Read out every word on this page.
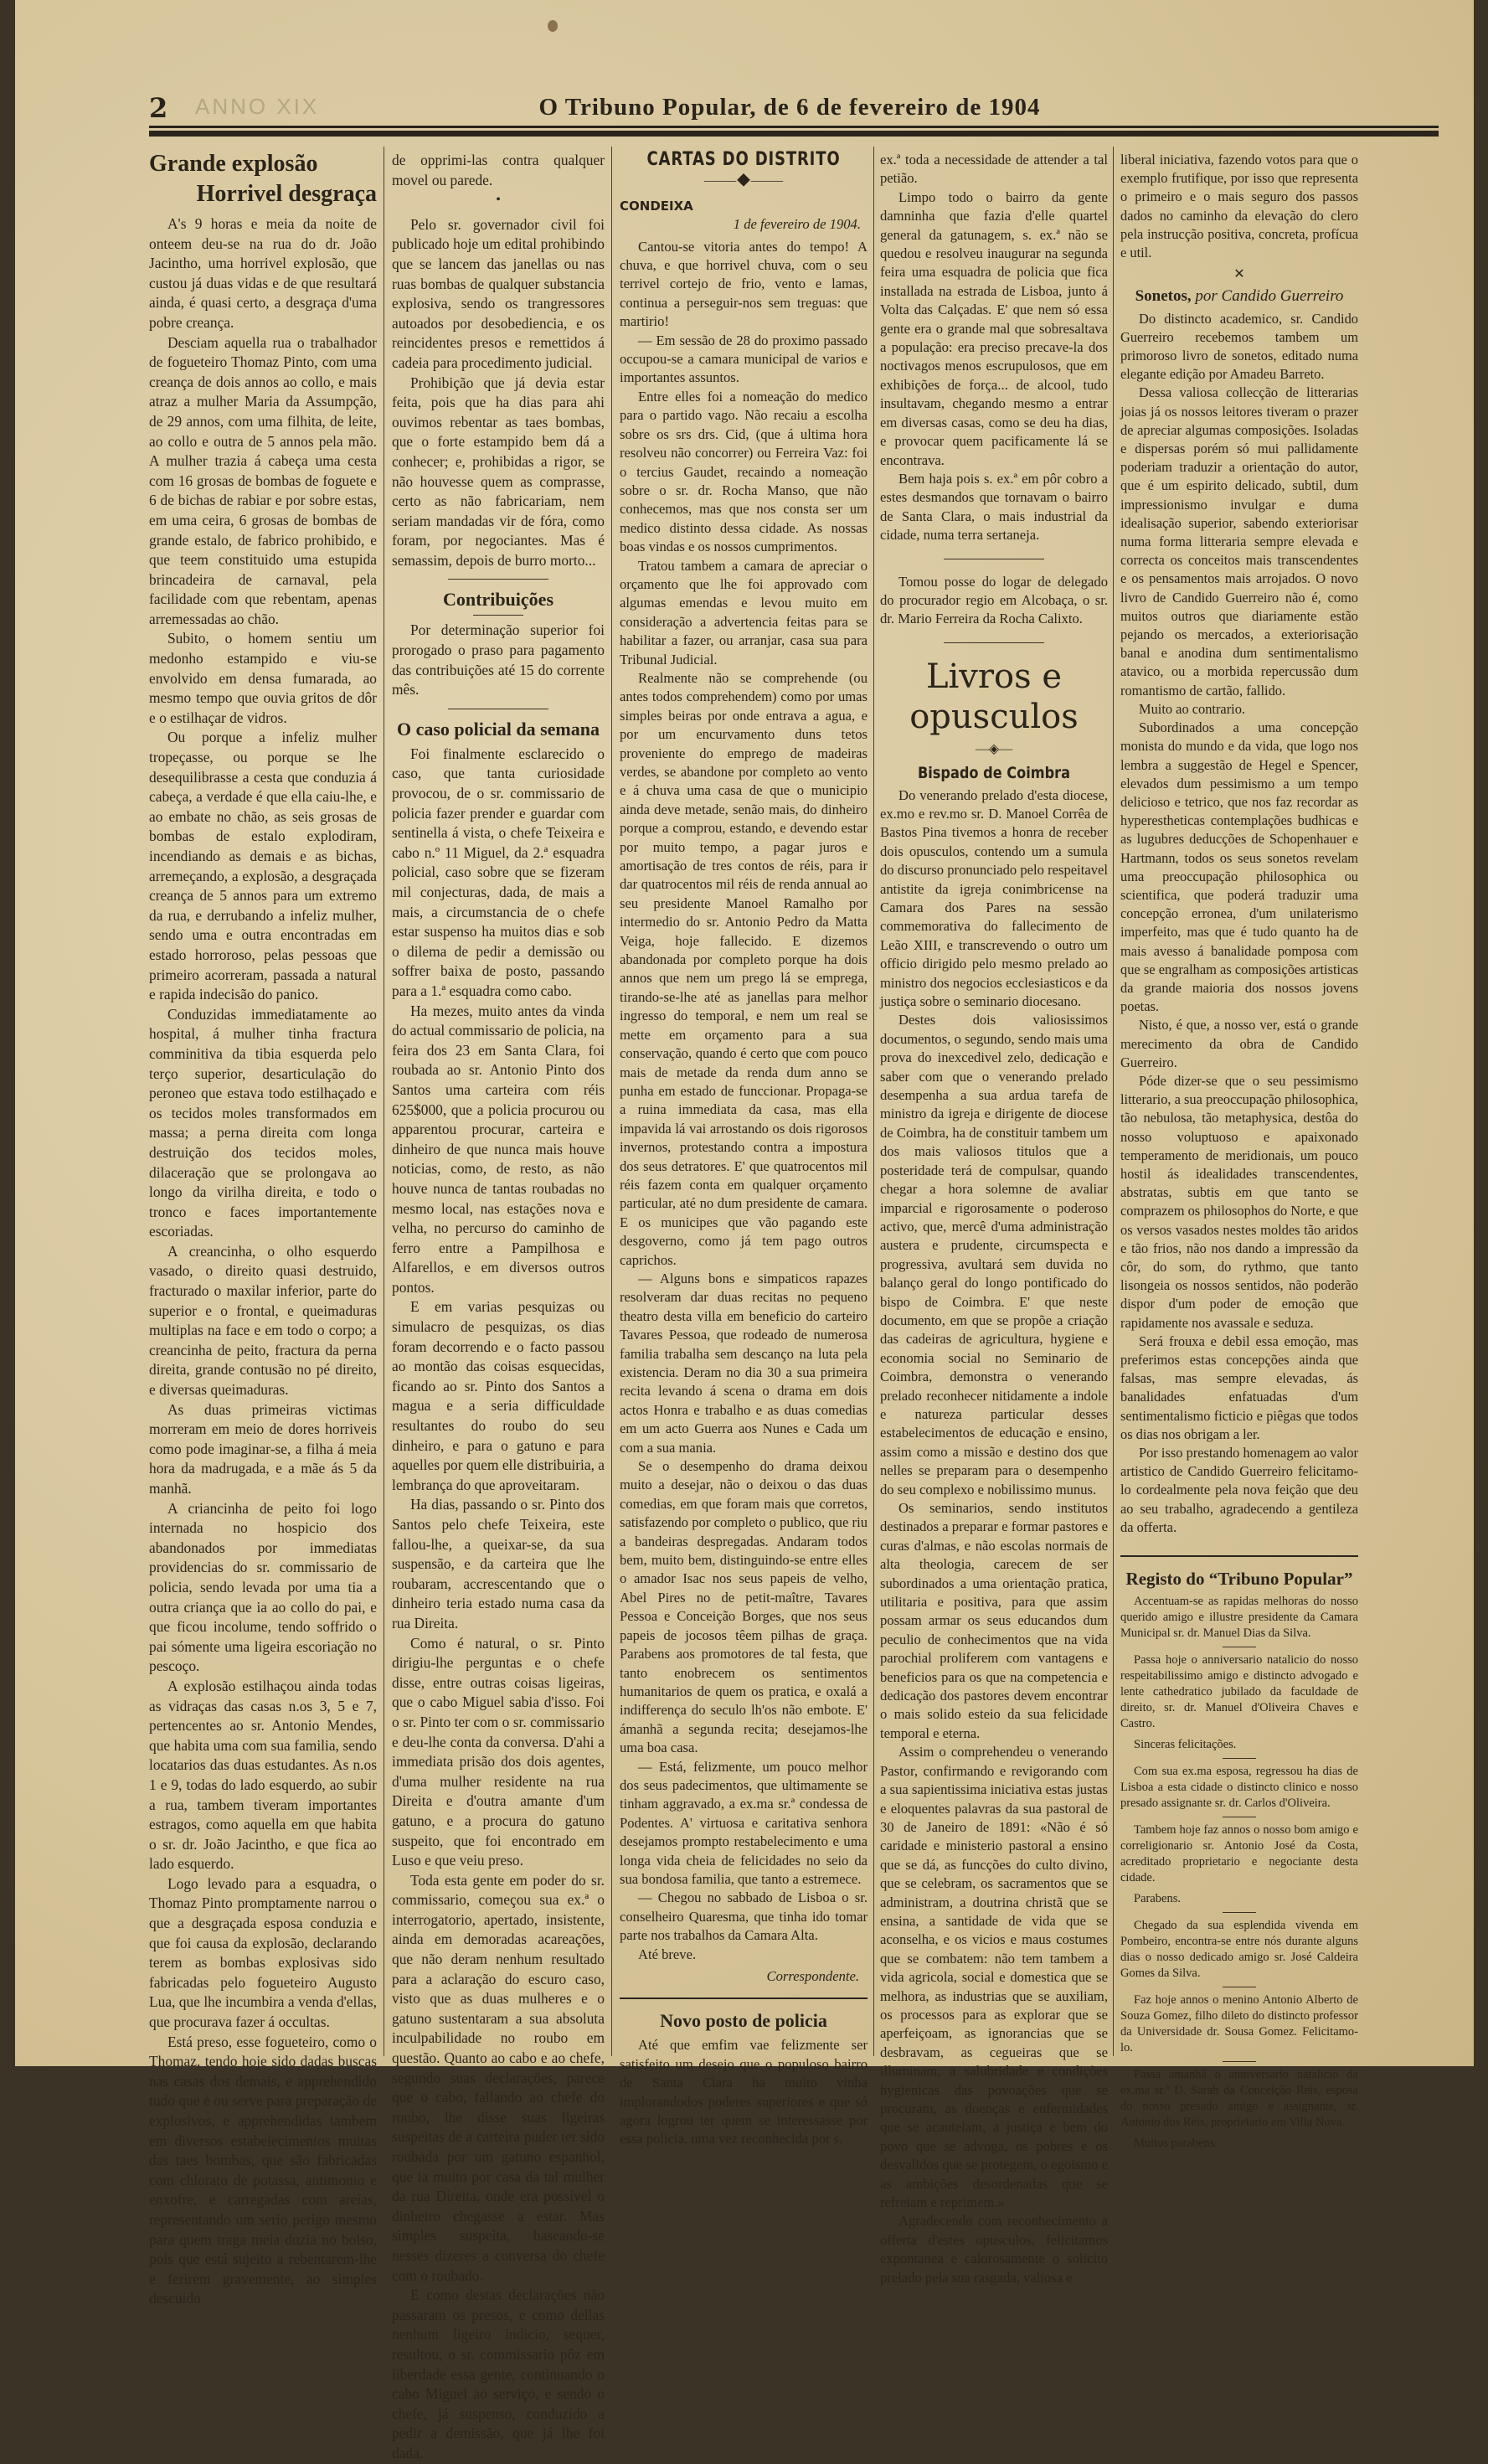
2 ANNO XIX	O Tribuno Popular, de 6 de fevereiro de 1904
Grande explosão
Horrivel desgraça

A's 9 horas e meia da noite de onteem deu-se na rua do dr. João Jacintho, uma horrivel explosão, que custou já duas vidas e de que resultará ainda, é quasi certo, a desgraça d'uma pobre creança.

Desciam aquella rua o trabalhador de fogueteiro Thomaz Pinto, com uma creança de dois annos ao collo, e mais atraz a mulher Maria da Assumpção, de 29 annos, com uma filhita, de leite, ao collo e outra de 5 annos pela mão. A mulher trazia á cabeça uma cesta com 16 grosas de bombas de foguete e 6 de bichas de rabiar e por sobre estas, em uma ceira, 6 grosas de bombas de grande estalo, de fabrico prohibido, e que teem constituido uma estupida brincadeira de carnaval, pela facilidade com que rebentam, apenas arremessadas ao chão.

Subito, o homem sentiu um medonho estampido e viu-se envolvido em densa fumarada, ao mesmo tempo que ouvia gritos de dôr e o estilhaçar de vidros.

Ou porque a infeliz mulher tropeçasse, ou porque se lhe desequilibrasse a cesta que conduzia á cabeça, a verdade é que ella caiu-lhe, e ao embate no chão, as seis grosas de bombas de estalo explodiram, incendiando as demais e as bichas, arremeçando, a explosão, a desgraçada creança de 5 annos para um extremo da rua, e derrubando a infeliz mulher, sendo uma e outra encontradas em estado horroroso, pelas pessoas que primeiro acorreram, passada a natural e rapida indecisão do panico.

Conduzidas immediatamente ao hospital, á mulher tinha fractura comminitiva da tibia esquerda pelo terço superior, desarticulação do peroneo que estava todo estilhaçado e os tecidos moles transformados em massa; a perna direita com longa destruição dos tecidos moles, dilaceração que se prolongava ao longo da virilha direita, e todo o tronco e faces importantemente escoriadas.

A creancinha, o olho esquerdo vasado, o direito quasi destruido, fracturado o maxilar inferior, parte do superior e o frontal, e queimaduras multiplas na face e em todo o corpo; a creancinha de peito, fractura da perna direita, grande contusão no pé direito, e diversas queimaduras.

As duas primeiras victimas morreram em meio de dores horriveis como pode imaginar-se, a filha á meia hora da madrugada, e a mãe ás 5 da manhã.

A criancinha de peito foi logo internada no hospicio dos abandonados por immediatas providencias do sr. commissario de policia, sendo levada por uma tia a outra criança que ia ao collo do pai, e que ficou incolume, tendo soffrido o pai sómente uma ligeira escoriação no pescoço.

A explosão estilhaçou ainda todas as vidraças das casas n.os 3, 5 e 7, pertencentes ao sr. Antonio Mendes, que habita uma com sua familia, sendo locatarios das duas estudantes. As n.os 1 e 9, todas do lado esquerdo, ao subir a rua, tambem tiveram importantes estragos, como aquella em que habita o sr. dr. João Jacintho, e que fica ao lado esquerdo.

Logo levado para a esquadra, o Thomaz Pinto promptamente narrou o que a desgraçada esposa conduzia e que foi causa da explosão, declarando terem as bombas explosivas sido fabricadas pelo fogueteiro Augusto Lua, que lhe incumbira a venda d'ellas, que procurava fazer á occultas.

Está preso, esse fogueteiro, como o Thomaz, tendo hoje sido dadas buscas nas casas dos demais, e apprehendido tudo que é ou serve para preparação de explosivos, e apprehendidas tambem em diversos estabelecimentos muitas das taes bombas, que são fabricadas com chlorato de potassa, antimonio e enxofre, e carregadas com areias, representando um serio perigo mesmo para quem traga meia duzia no bolso, pois que está sujeito a rebentarem-lhe e ferirem gravemente, ao simples descuido

de opprimi-las contra qualquer movel ou parede.

•

Pelo sr. governador civil foi publicado hoje um edital prohibindo que se lancem das janellas ou nas ruas bombas de qualquer substancia explosiva, sendo os trangressores autoados por desobediencia, e os reincidentes presos e remettidos á cadeia para procedimento judicial.

Prohibição que já devia estar feita, pois que ha dias para ahi ouvimos rebentar as taes bombas, que o forte estampido bem dá a conhecer; e, prohibidas a rigor, se não houvesse quem as comprasse, certo as não fabricariam, nem seriam mandadas vir de fóra, como foram, por negociantes. Mas é semassim, depois de burro morto...

Contribuições

Por determinação superior foi prorogado o praso para pagamento das contribuições até 15 do corrente mês.

O caso policial da semana

Foi finalmente esclarecido o caso, que tanta curiosidade provocou, de o sr. commissario de policia fazer prender e guardar com sentinella á vista, o chefe Teixeira e cabo n.º 11 Miguel, da 2.ª esquadra policial, caso sobre que se fizeram mil conjecturas, dada, de mais a mais, a circumstancia de o chefe estar suspenso ha muitos dias e sob o dilema de pedir a demissão ou soffrer baixa de posto, passando para a 1.ª esquadra como cabo.

Ha mezes, muito antes da vinda do actual commissario de policia, na feira dos 23 em Santa Clara, foi roubada ao sr. Antonio Pinto dos Santos uma carteira com réis 625$000, que a policia procurou ou apparentou procurar, carteira e dinheiro de que nunca mais houve noticias, como, de resto, as não houve nunca de tantas roubadas no mesmo local, nas estações nova e velha, no percurso do caminho de ferro entre a Pampilhosa e Alfarellos, e em diversos outros pontos.

E em varias pesquizas ou simulacro de pesquizas, os dias foram decorrendo e o facto passou ao montão das coisas esquecidas, ficando ao sr. Pinto dos Santos a magua e a seria difficuldade resultantes do roubo do seu dinheiro, e para o gatuno e para aquelles por quem elle distribuiria, a lembrança do que aproveitaram.

Ha dias, passando o sr. Pinto dos Santos pelo chefe Teixeira, este fallou-lhe, a queixar-se, da sua suspensão, e da carteira que lhe roubaram, accrescentando que o dinheiro teria estado numa casa da rua Direita.

Como é natural, o sr. Pinto dirigiu-lhe perguntas e o chefe disse, entre outras coisas ligeiras, que o cabo Miguel sabia d'isso. Foi o sr. Pinto ter com o sr. commissario e deu-lhe conta da conversa. D'ahi a immediata prisão dos dois agentes, d'uma mulher residente na rua Direita e d'outra amante d'um gatuno, e a procura do gatuno suspeito, que foi encontrado em Luso e que veiu preso.

Toda esta gente em poder do sr. commissario, começou sua ex.ª o interrogatorio, apertado, insistente, ainda em demoradas acareações, que não deram nenhum resultado para a aclaração do escuro caso, visto que as duas mulheres e o gatuno sustentaram a sua absoluta inculpabilidade no roubo em questão. Quanto ao cabo e ao chefe, segundo suas declarações, parece que o cabo, fallando ao chefe do roubo, lhe disse suas ligeiras suspeitas de a carteira puder ter sido roubada por um gatuno espanhol, que ia muito por casa da tal mulher da rua Direita, onde era possivel o dinheiro chegasse a estar. Mas simples suspeita, baseando-se nesses dizeres a conversa do chefe com o roubado.

E como destas declarações não passaram os presos, e como dellas nenhum ligeiro indicio, sequer, resultou, o sr. commissario pôz em liberdade essa gente, continuando o cabo Miguel ao serviço, e sendo o chefe, já suspenso, conduzido a pedir a demissão, que já lhe foi dada.

CARTAS DO DISTRITO
⸻◆⸻
CONDEIXA
1 de fevereiro de 1904.

Cantou-se vitoria antes do tempo! A chuva, e que horrivel chuva, com o seu terrivel cortejo de frio, vento e lamas, continua a perseguir-nos sem treguas: que martirio!

— Em sessão de 28 do proximo passado occupou-se a camara municipal de varios e importantes assuntos.

Entre elles foi a nomeação do medico para o partido vago. Não recaiu a escolha sobre os srs drs. Cid, (que á ultima hora resolveu não concorrer) ou Ferreira Vaz: foi o tercius Gaudet, recaindo a nomeação sobre o sr. dr. Rocha Manso, que não conhecemos, mas que nos consta ser um medico distinto dessa cidade. As nossas boas vindas e os nossos cumprimentos.

Tratou tambem a camara de apreciar o orçamento que lhe foi approvado com algumas emendas e levou muito em consideração a advertencia feitas para se habilitar a fazer, ou arranjar, casa sua para Tribunal Judicial.

Realmente não se comprehende (ou antes todos comprehendem) como por umas simples beiras por onde entrava a agua, e por um encurvamento duns tetos proveniente do emprego de madeiras verdes, se abandone por completo ao vento e á chuva uma casa de que o municipio ainda deve metade, senão mais, do dinheiro porque a comprou, estando, e devendo estar por muito tempo, a pagar juros e amortisação de tres contos de réis, para ir dar quatrocentos mil réis de renda annual ao seu presidente Manoel Ramalho por intermedio do sr. Antonio Pedro da Matta Veiga, hoje fallecido. E dizemos abandonada por completo porque ha dois annos que nem um prego lá se emprega, tirando-se-lhe até as janellas para melhor ingresso do temporal, e nem um real se mette em orçamento para a sua conservação, quando é certo que com pouco mais de metade da renda dum anno se punha em estado de funccionar. Propaga-se a ruina immediata da casa, mas ella impavida lá vai arrostando os dois rigorosos invernos, protestando contra a impostura dos seus detratores. E' que quatrocentos mil réis fazem conta em qualquer orçamento particular, até no dum presidente de camara. E os municipes que vão pagando este desgoverno, como já tem pago outros caprichos.

— Alguns bons e simpaticos rapazes resolveram dar duas recitas no pequeno theatro desta villa em beneficio do carteiro Tavares Pessoa, que rodeado de numerosa familia trabalha sem descanço na luta pela existencia. Deram no dia 30 a sua primeira recita levando á scena o drama em dois actos Honra e trabalho e as duas comedias em um acto Guerra aos Nunes e Cada um com a sua mania.

Se o desempenho do drama deixou muito a desejar, não o deixou o das duas comedias, em que foram mais que corretos, satisfazendo por completo o publico, que riu a bandeiras despregadas. Andaram todos bem, muito bem, distinguindo-se entre elles o amador Isac nos seus papeis de velho, Abel Pires no de petit-maître, Tavares Pessoa e Conceição Borges, que nos seus papeis de jocosos têem pilhas de graça. Parabens aos promotores de tal festa, que tanto enobrecem os sentimentos humanitarios de quem os pratica, e oxalá a indifferença do seculo lh'os não embote. E' ámanhã a segunda recita; desejamos-lhe uma boa casa.

— Está, felizmente, um pouco melhor dos seus padecimentos, que ultimamente se tinham aggravado, a ex.ma sr.ª condessa de Podentes. A' virtuosa e caritativa senhora desejamos prompto restabelecimento e uma longa vida cheia de felicidades no seio da sua bondosa familia, que tanto a estremece.

— Chegou no sabbado de Lisboa o sr. conselheiro Quaresma, que tinha ido tomar parte nos trabalhos da Camara Alta.

Até breve.

Correspondente.
Novo posto de policia

Até que emfim vae felizmente ser satisfeito um desejo que o populoso bairro de Santa Clara ha muito vinha implorandodos poderes superiores e que só agora logrou ter quem se interessasse por essa policia, uma vez reconhecida por s.

ex.ª toda a necessidade de attender a tal petião.

Limpo todo o bairro da gente damninha que fazia d'elle quartel general da gatunagem, s. ex.ª não se quedou e resolveu inaugurar na segunda feira uma esquadra de policia que fica installada na estrada de Lisboa, junto á Volta das Calçadas. E' que nem só essa gente era o grande mal que sobresaltava a população: era preciso precave-la dos noctivagos menos escrupulosos, que em exhibições de força... de alcool, tudo insultavam, chegando mesmo a entrar em diversas casas, como se deu ha dias, e provocar quem pacificamente lá se encontrava.

Bem haja pois s. ex.ª em pôr cobro a estes desmandos que tornavam o bairro de Santa Clara, o mais industrial da cidade, numa terra sertaneja.

Tomou posse do logar de delegado do procurador regio em Alcobaça, o sr. dr. Mario Ferreira da Rocha Calixto.

Livros e opusculos
—◈—
Bispado de Coimbra

Do venerando prelado d'esta diocese, ex.mo e rev.mo sr. D. Manoel Corrêa de Bastos Pina tivemos a honra de receber dois opusculos, contendo um a sumula do discurso pronunciado pelo respeitavel antistite da igreja conimbricense na Camara dos Pares na sessão commemorativa do fallecimento de Leão XIII, e transcrevendo o outro um officio dirigido pelo mesmo prelado ao ministro dos negocios ecclesiasticos e da justiça sobre o seminario diocesano.

Destes dois valiosissimos documentos, o segundo, sendo mais uma prova do inexcedivel zelo, dedicação e saber com que o venerando prelado desempenha a sua ardua tarefa de ministro da igreja e dirigente de diocese de Coimbra, ha de constituir tambem um dos mais valiosos titulos que a posteridade terá de compulsar, quando chegar a hora solemne de avaliar imparcial e rigorosamente o poderoso activo, que, mercê d'uma administração austera e prudente, circumspecta e progressiva, avultará sem duvida no balanço geral do longo pontificado do bispo de Coimbra. E' que neste documento, em que se propõe a criação das cadeiras de agricultura, hygiene e economia social no Seminario de Coimbra, demonstra o venerando prelado reconhecer nitidamente a indole e natureza particular desses estabelecimentos de educação e ensino, assim como a missão e destino dos que nelles se preparam para o desempenho do seu complexo e nobilissimo munus.

Os seminarios, sendo institutos destinados a preparar e formar pastores e curas d'almas, e não escolas normais de alta theologia, carecem de ser subordinados a uma orientação pratica, utilitaria e positiva, para que assim possam armar os seus educandos dum peculio de conhecimentos que na vida parochial proliferem com vantagens e beneficios para os que na competencia e dedicação dos pastores devem encontrar o mais solido esteio da sua felicidade temporal e eterna.

Assim o comprehendeu o venerando Pastor, confirmando e revigorando com a sua sapientissima iniciativa estas justas e eloquentes palavras da sua pastoral de 30 de Janeiro de 1891: «Não é só caridade e ministerio pastoral a ensino que se dá, as funcções do culto divino, que se celebram, os sacramentos que se administram, a doutrina christã que se ensina, a santidade de vida que se aconselha, e os vicios e maus costumes que se combatem: não tem tambem a vida agricola, social e domestica que se melhora, as industrias que se auxiliam, os processos para as explorar que se aperfeiçoam, as ignorancias que se desbravam, as cegueiras que se illuminam, a salubridade e condições hygienicas das povoações que se procuram, as doenças e enfermidades que se acautelam, a justiça e bem do povo que se advoga, os pobres e os desvalidos que se protegem, o egoismo e as ambições desordenadas que se refreiam e reprimem.»

Agradecendo com reconhecimento a offerta d'estes opusculos, felicitamos expontanea e calorosamente o solicito prelado pela sua rasgada, valiosa e

liberal iniciativa, fazendo votos para que o exemplo frutifique, por isso que representa o primeiro e o mais seguro dos passos dados no caminho da elevação do clero pela instrucção positiva, concreta, profícua e util.

✕
Sonetos, por Candido Guerreiro

Do distincto academico, sr. Candido Guerreiro recebemos tambem um primoroso livro de sonetos, editado numa elegante edição por Amadeu Barreto.

Dessa valiosa collecção de litterarias joias já os nossos leitores tiveram o prazer de apreciar algumas composições. Isoladas e dispersas porém só mui pallidamente poderiam traduzir a orientação do autor, que é um espirito delicado, subtil, dum impressionismo invulgar e duma idealisação superior, sabendo exteriorisar numa forma litteraria sempre elevada e correcta os conceitos mais transcendentes e os pensamentos mais arrojados. O novo livro de Candido Guerreiro não é, como muitos outros que diariamente estão pejando os mercados, a exteriorisação banal e anodina dum sentimentalismo atavico, ou a morbida repercussão dum romantismo de cartão, fallido.

Muito ao contrario.

Subordinados a uma concepção monista do mundo e da vida, que logo nos lembra a suggestão de Hegel e Spencer, elevados dum pessimismo a um tempo delicioso e tetrico, que nos faz recordar as hyperestheticas contemplações budhicas e as lugubres deducções de Schopenhauer e Hartmann, todos os seus sonetos revelam uma preoccupação philosophica ou scientifica, que poderá traduzir uma concepção erronea, d'um unilaterismo imperfeito, mas que é tudo quanto ha de mais avesso á banalidade pomposa com que se engralham as composições artisticas da grande maioria dos nossos jovens poetas.

Nisto, é que, a nosso ver, está o grande merecimento da obra de Candido Guerreiro.

Póde dizer-se que o seu pessimismo litterario, a sua preoccupação philosophica, tão nebulosa, tão metaphysica, destôa do nosso voluptuoso e apaixonado temperamento de meridionais, um pouco hostil ás idealidades transcendentes, abstratas, subtis em que tanto se comprazem os philosophos do Norte, e que os versos vasados nestes moldes tão aridos e tão frios, não nos dando a impressão da côr, do som, do rythmo, que tanto lisongeia os nossos sentidos, não poderão dispor d'um poder de emoção que rapidamente nos avassale e seduza.

Será frouxa e debil essa emoção, mas preferimos estas concepções ainda que falsas, mas sempre elevadas, ás banalidades enfatuadas d'um sentimentalismo ficticio e piêgas que todos os dias nos obrigam a ler.

Por isso prestando homenagem ao valor artistico de Candido Guerreiro felicitamo-lo cordealmente pela nova feição que deu ao seu trabalho, agradecendo a gentileza da offerta.

Registo do “Tribuno Popular”

Accentuam-se as rapidas melhoras do nosso querido amigo e illustre presidente da Camara Municipal sr. dr. Manuel Dias da Silva.

Passa hoje o anniversario natalicio do nosso respeitabilissimo amigo e distincto advogado e lente cathedratico jubilado da faculdade de direito, sr. dr. Manuel d'Oliveira Chaves e Castro.

Sinceras felicitações.

Com sua ex.ma esposa, regressou ha dias de Lisboa a esta cidade o distincto clinico e nosso presado assignante sr. dr. Carlos d'Oliveira.

Tambem hoje faz annos o nosso bom amigo e correligionario sr. Antonio José da Costa, acreditado proprietario e negociante desta cidade.

Parabens.

Chegado da sua esplendida vivenda em Pombeiro, encontra-se entre nós durante alguns dias o nosso dedicado amigo sr. José Caldeira Gomes da Silva.

Faz hoje annos o menino Antonio Alberto de Souza Gomez, filho dileto do distincto professor da Universidade dr. Sousa Gomez. Felicitamo-lo.

Passa amanhã o anniversario natalicio da ex.ma sr.ª D. Sarah da Conceição Reis, esposa do nosso presado amigo e assignante, sr. Antonio dos Reis, proprietario em Villa Nova.

Muitos parabens.
